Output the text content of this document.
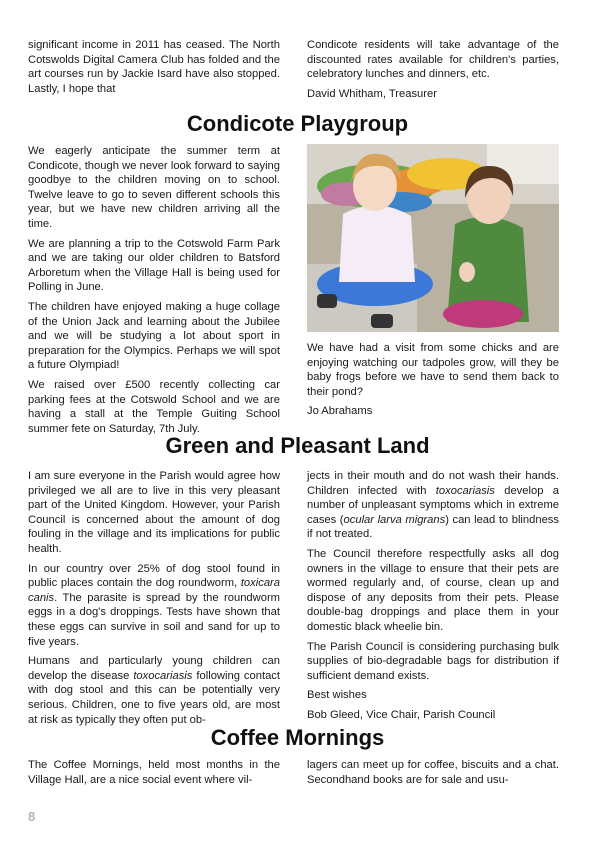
significant income in 2011 has ceased. The North Cotswolds Digital Camera Club has folded and the art courses run by Jackie Isard have also stopped. Lastly, I hope that

Condicote residents will take advantage of the discounted rates available for children's parties, celebratory lunches and dinners, etc.

David Whitham, Treasurer

Condicote Playgroup

We eagerly anticipate the summer term at Condicote, though we never look forward to saying goodbye to the children moving on to school. Twelve leave to go to seven different schools this year, but we have new children arriving all the time.

We are planning a trip to the Cotswold Farm Park and we are taking our older children to Batsford Arboretum when the Village Hall is being used for Polling in June.

The children have enjoyed making a huge collage of the Union Jack and learning about the Jubilee and we will be studying a lot about sport in preparation for the Olympics. Perhaps we will spot a future Olympiad!

We raised over £500 recently collecting car parking fees at the Cotswold School and we are having a stall at the Temple Guiting School summer fete on Saturday, 7th July.

We have had a visit from some chicks and are enjoying watching our tadpoles grow, will they be baby frogs before we have to send them back to their pond?

Jo Abrahams

Green and Pleasant Land

I am sure everyone in the Parish would agree how privileged we all are to live in this very pleasant part of the United Kingdom. However, your Parish Council is concerned about the amount of dog fouling in the village and its implications for public health.

In our country over 25% of dog stool found in public places contain the dog roundworm, toxicara canis. The parasite is spread by the roundworm eggs in a dog's droppings. Tests have shown that these eggs can survive in soil and sand for up to five years.

Humans and particularly young children can develop the disease toxocariasis following contact with dog stool and this can be potentially very serious. Children, one to five years old, are most at risk as typically they often put ob-

jects in their mouth and do not wash their hands. Children infected with toxocariasis develop a number of unpleasant symptoms which in extreme cases (ocular larva migrans) can lead to blindness if not treated.

The Council therefore respectfully asks all dog owners in the village to ensure that their pets are wormed regularly and, of course, clean up and dispose of any deposits from their pets. Please double-bag droppings and place them in your domestic black wheelie bin.

The Parish Council is considering purchasing bulk supplies of bio-degradable bags for distribution if sufficient demand exists.

Best wishes

Bob Gleed, Vice Chair, Parish Council

Coffee Mornings

The Coffee Mornings, held most months in the Village Hall, are a nice social event where vil-

lagers can meet up for coffee, biscuits and a chat. Secondhand books are for sale and usu-

8
